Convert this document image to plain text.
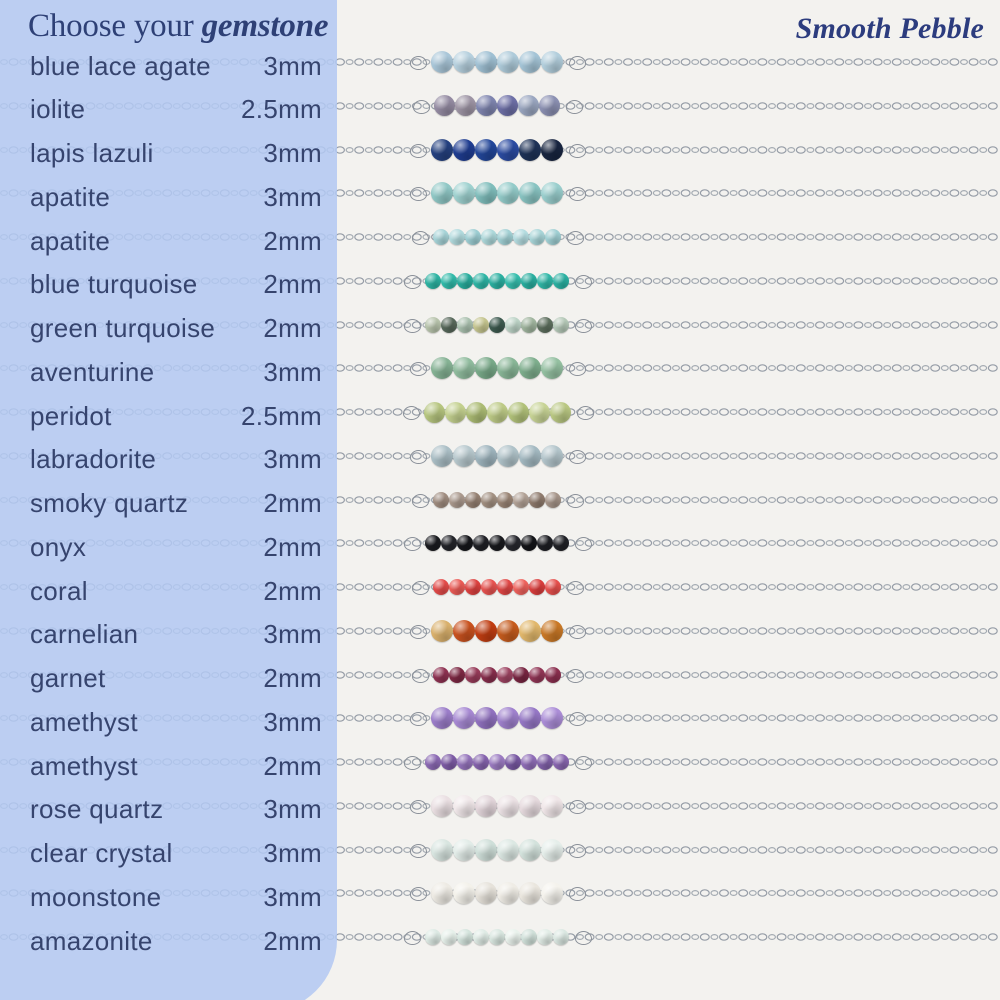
Choose your gemstone	Smooth Pebble
blue lace agate 3mm
iolite	2.5mm
lapis lazuli	3mm
apatite	3mm
apatite	2mm
blue turquoise	2mm
green turquoise 2mm
aventurine	3mm
peridot	2.5mm
labradorite	3mm
smoky quartz	2mm
onyx	2mm
coral	2mm
carnelian	3mm
garnet	2mm
amethyst	3mm
amethyst	2mm
rose quartz	3mm
clear crystal	3mm
moonstone	3mm
amazonite	2mm
